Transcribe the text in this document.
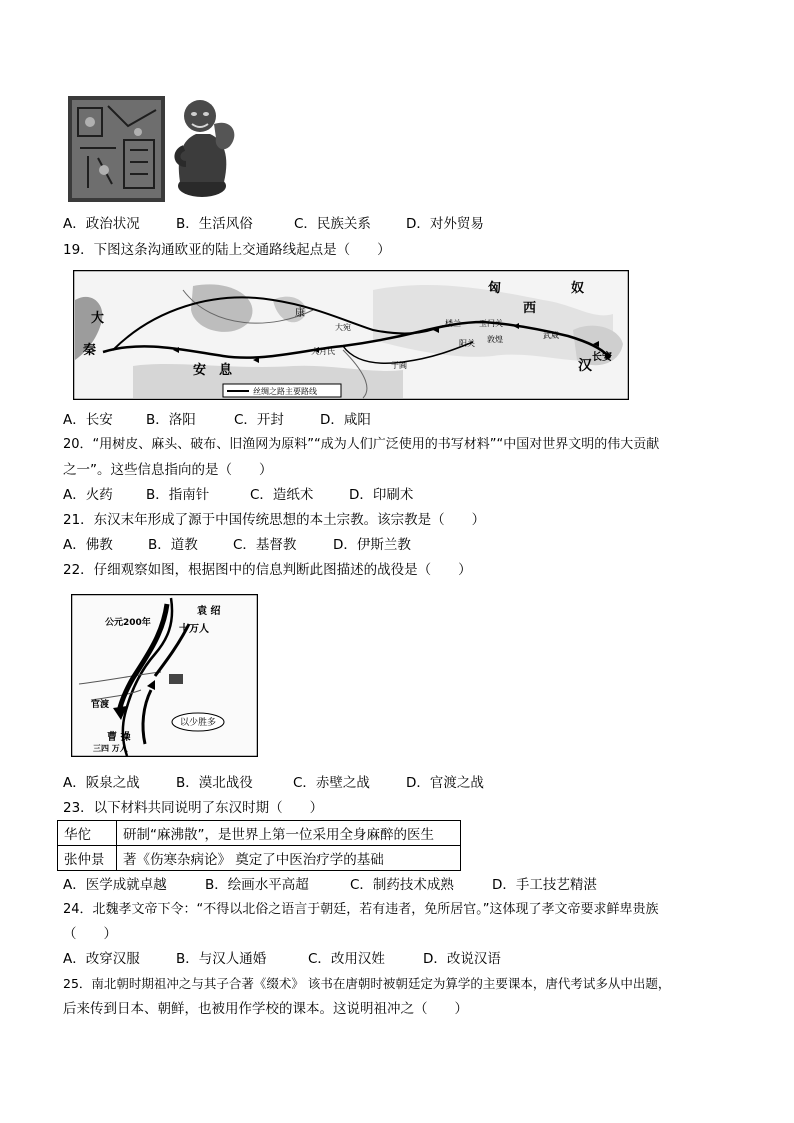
A．政治状况	B．生活风俗	C．民族关系	D．对外贸易
19．下图这条沟通欧亚的陆上交通路线起点是（　　）
匈	奴
西
汉
长安
安　息
大
秦
康
大宛
大月氏
楼兰 玉门关
敦煌
阳关
于阗
武威
丝绸之路主要路线
A．长安 B．洛阳	C．开封	D．咸阳
20．“用树皮、麻头、破布、旧渔网为原料”“成为人们广泛使用的书写材料”“中国对世界文明的伟大贡献
之一”。这些信息指向的是（　　）
A．火药 B．指南针	C．造纸术	D．印刷术
21．东汉末年形成了源于中国传统思想的本土宗教。该宗教是（　　）
A．佛教	B．道教	C．基督教	D．伊斯兰教
22．仔细观察如图，根据图中的信息判断此图描述的战役是（　　）
公元200年
袁 绍
十万人
官渡
曹 操
三四 万人
以少胜多
A．阪泉之战	B．漠北战役	C．赤壁之战	D．官渡之战
23．以下材料共同说明了东汉时期（　　）
华佗	研制“麻沸散”，是世界上第一位采用全身麻醉的医生
张仲景	著《伤寒杂病论》 奠定了中医治疗学的基础
A．医学成就卓越	B．绘画水平高超	C．制药技术成熟	D．手工技艺精湛
24．北魏孝文帝下令：“不得以北俗之语言于朝廷，若有违者，免所居官。”这体现了孝文帝要求鲜卑贵族
（　　）
A．改穿汉服	B．与汉人通婚	C．改用汉姓	D．改说汉语
25．南北朝时期祖冲之与其子合著《缀术》 该书在唐朝时被朝廷定为算学的主要课本，唐代考试多从中出题，
后来传到日本、朝鲜，也被用作学校的课本。这说明祖冲之（　　）
